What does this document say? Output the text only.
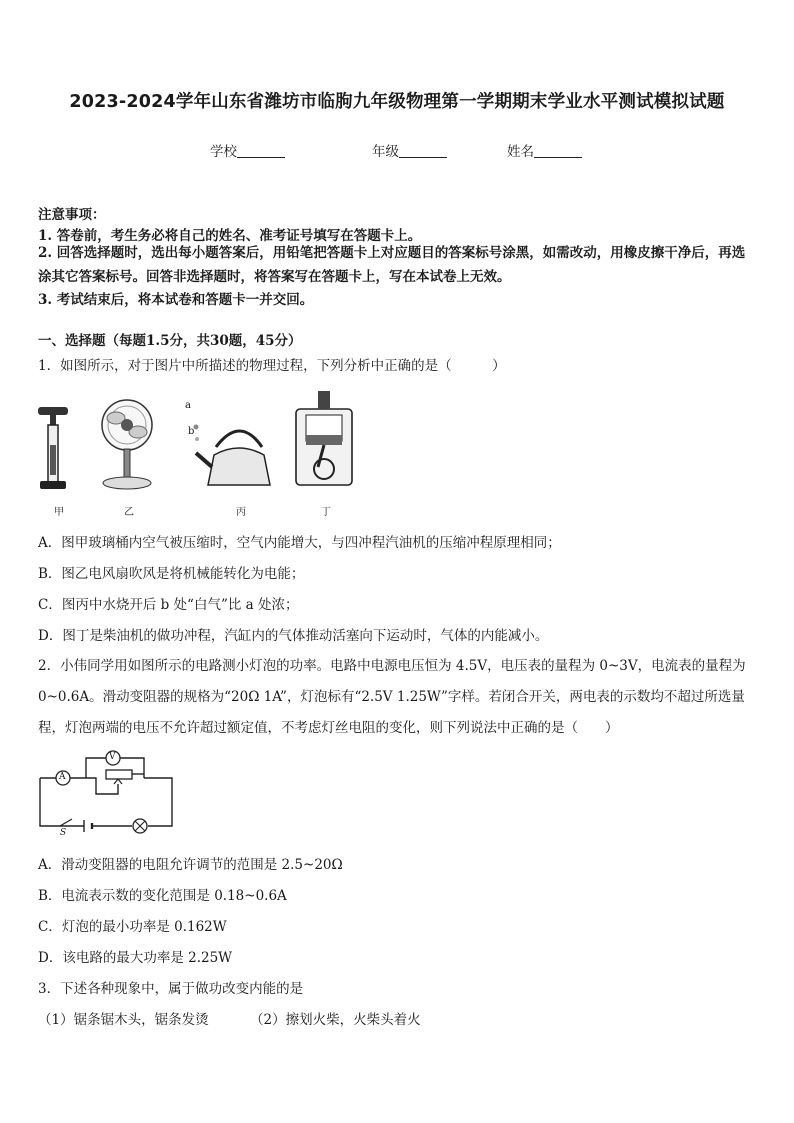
2023-2024学年山东省潍坊市临朐九年级物理第一学期期末学业水平测试模拟试题
学校	年级	姓名
注意事项：
1. 答卷前，考生务必将自己的姓名、准考证号填写在答题卡上。
2. 回答选择题时，选出每小题答案后，用铅笔把答题卡上对应题目的答案标号涂黑，如需改动，用橡皮擦干净后，再选涂其它答案标号。回答非选择题时，将答案写在答题卡上，写在本试卷上无效。
3. 考试结束后，将本试卷和答题卡一并交回。
一、选择题（每题1.5分，共30题，45分）
1．如图所示，对于图片中所描述的物理过程，下列分析中正确的是（　　　）
a
b
甲	乙	丙	丁
A．图甲玻璃桶内空气被压缩时，空气内能增大，与四冲程汽油机的压缩冲程原理相同；
B．图乙电风扇吹风是将机械能转化为电能；
C．图丙中水烧开后 b 处“白气”比 a 处浓；
D．图丁是柴油机的做功冲程，汽缸内的气体推动活塞向下运动时，气体的内能减小。
2．小伟同学用如图所示的电路测小灯泡的功率。电路中电源电压恒为 4.5V，电压表的量程为 0~3V，电流表的量程为 0~0.6A。滑动变阻器的规格为“20Ω 1A”，灯泡标有“2.5V 1.25W”字样。若闭合开关，两电表的示数均不超过所选量程，灯泡两端的电压不允许超过额定值，不考虑灯丝电阻的变化，则下列说法中正确的是（　　）
A
V
S
A．滑动变阻器的电阻允许调节的范围是 2.5~20Ω
B．电流表示数的变化范围是 0.18~0.6A
C．灯泡的最小功率是 0.162W
D．该电路的最大功率是 2.25W
3．下述各种现象中，属于做功改变内能的是
（1）锯条锯木头，锯条发烫	（2）擦划火柴，火柴头着火
